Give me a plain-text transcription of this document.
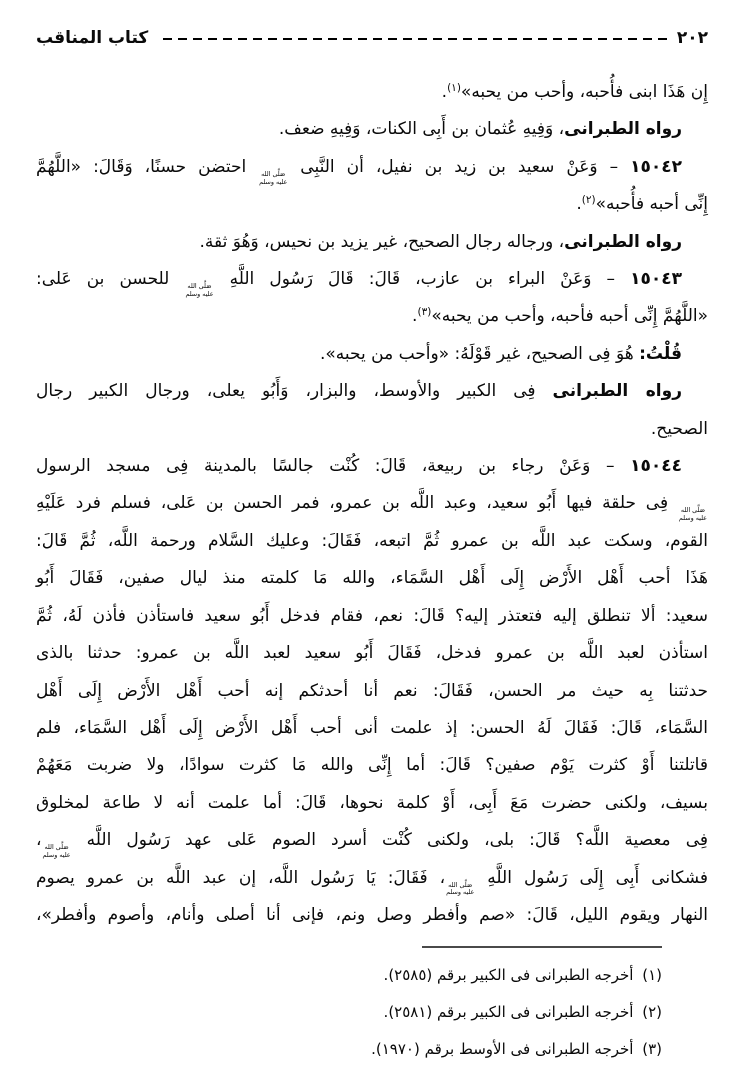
٢٠٢
كتاب المناقب

إِن هَذَا ابنى فأُحبه، وأحب من يحبه»$^{(١)}$.

رواه الطبرانى، وَفِيهِ عُثمان بن أَبِى الكنات، وَفِيهِ ضعف.

١٥٠٤٢ – وَعَنْ سعيد بن زيد بن نفيل، أن النَّبِى
صَلَّى الله
عليه وسلم
احتضن حسنًا، وَقَالَ: «اللَّهُمَّ

إِنِّى أحبه فأُحبه»$^{(٢)}$.

رواه الطبرانى، ورجاله رجال الصحيح، غير يزيد بن نحيس، وَهُوَ ثقة.

١٥٠٤٣ – وَعَنْ البراء بن عازب، قَالَ: قَالَ رَسُول اللَّهِ
صَلَّى الله
عليه وسلم
للحسن بن عَلى:

«اللَّهُمَّ إِنِّى أحبه فأحبه، وأحب من يحبه»$^{(٣)}$.

قُلْتُ: هُوَ فِى الصحيح، غير قَوْلَهُ: «وأحب من يحبه».

رواه الطبرانى فِى الكبير والأوسط، والبزار، وَأَبُو يعلى، ورجال الكبير رجال

الصحيح.

١٥٠٤٤ – وَعَنْ رجاء بن ربيعة، قَالَ: كُنْت جالسًا بالمدينة فِى مسجد الرسول

صَلَّى الله
عليه وسلم
فِى حلقة فيها أَبُو سعيد، وعبد اللَّه بن عمرو، فمر الحسن بن عَلى، فسلم فرد عَلَيْهِ

القوم، وسكت عبد اللَّه بن عمرو ثُمَّ اتبعه، فَقَالَ: وعليك السَّلام ورحمة اللَّه، ثُمَّ قَالَ:

هَذَا أحب أَهْل الأَرْض إِلَى أَهْل السَّمَاء، والله مَا كلمته منذ ليال صفين، فَقَالَ أَبُو

سعيد: ألا تنطلق إليه فتعتذر إليه؟ قَالَ: نعم، فقام فدخل أَبُو سعيد فاستأذن فأذن لَهُ، ثُمَّ

استأذن لعبد اللَّه بن عمرو فدخل، فَقَالَ أَبُو سعيد لعبد اللَّه بن عمرو: حدثنا بالذى

حدثتنا بِه حيث مر الحسن، فَقَالَ: نعم أنا أحدثكم إنه أحب أَهْل الأَرْض إِلَى أَهْل

السَّمَاء، قَالَ: فَقَالَ لَهُ الحسن: إذ علمت أنى أحب أَهْل الأَرْض إِلَى أَهْل السَّمَاء، فلم

قاتلتنا أَوْ كثرت يَوْم صفين؟ قَالَ: أما إِنِّى والله مَا كثرت سوادًا، ولا ضربت مَعَهُمْ

بسيف، ولكنى حضرت مَعَ أَبِى، أَوْ كلمة نحوها، قَالَ: أما علمت أنه لا طاعة لمخلوق

فِى معصية اللَّه؟ قَالَ: بلى، ولكنى كُنْت أسرد الصوم عَلى عهد رَسُول اللَّه
صَلَّى الله
عليه وسلم
،

فشكانى أَبِى إِلَى رَسُول اللَّهِ
صَلَّى الله
عليه وسلم
، فَقَالَ: يَا رَسُول اللَّه، إن عبد اللَّه بن عمرو يصوم

النهار ويقوم الليل، قَالَ: «صم وأفطر وصل ونم، فإنى أنا أصلى وأنام، وأصوم وأفطر»،

(١) أخرجه الطبرانى فى الكبير برقم (٢٥٨٥).

(٢) أخرجه الطبرانى فى الكبير برقم (٢٥٨١).

(٣) أخرجه الطبرانى فى الأوسط برقم (١٩٧٠).
